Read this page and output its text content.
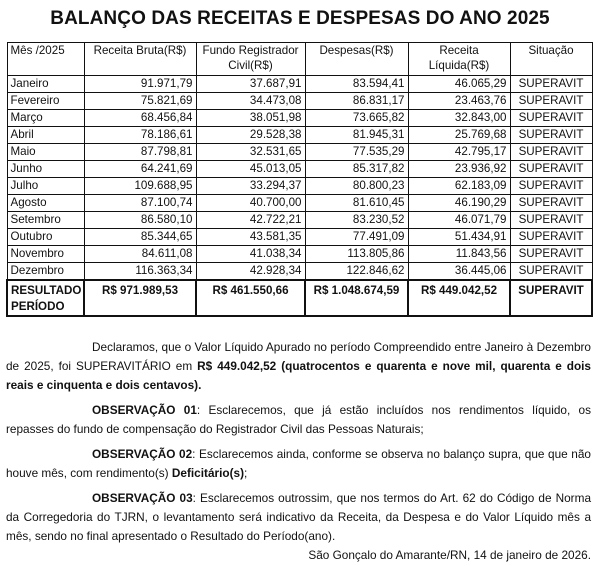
BALANÇO DAS RECEITAS E DESPESAS DO ANO 2025
Mês /2025	Receita Bruta(R$)	Fundo Registrador Civil(R$)	Despesas(R$)	Receita Líquida(R$)	Situação
Janeiro	91.971,79	37.687,91	83.594,41	46.065,29	SUPERAVIT
Fevereiro	75.821,69	34.473,08	86.831,17	23.463,76	SUPERAVIT
Março	68.456,84	38.051,98	73.665,82	32.843,00	SUPERAVIT
Abril	78.186,61	29.528,38	81.945,31	25.769,68	SUPERAVIT
Maio	87.798,81	32.531,65	77.535,29	42.795,17	SUPERAVIT
Junho	64.241,69	45.013,05	85.317,82	23.936,92	SUPERAVIT
Julho	109.688,95	33.294,37	80.800,23	62.183,09	SUPERAVIT
Agosto	87.100,74	40.700,00	81.610,45	46.190,29	SUPERAVIT
Setembro	86.580,10	42.722,21	83.230,52	46.071,79	SUPERAVIT
Outubro	85.344,65	43.581,35	77.491,09	51.434,91	SUPERAVIT
Novembro	84.611,08	41.038,34	113.805,86	11.843,56	SUPERAVIT
Dezembro	116.363,34	42.928,34	122.846,62	36.445,06	SUPERAVIT
RESULTADO PERÍODO	R$ 971.989,53	R$ 461.550,66	R$ 1.048.674,59	R$ 449.042,52	SUPERAVIT
Declaramos, que o Valor Líquido Apurado no período Compreendido entre Janeiro à Dezembro de 2025, foi SUPERAVITÁRIO em R$ 449.042,52 (quatrocentos e quarenta e nove mil, quarenta e dois reais e cinquenta e dois centavos).
OBSERVAÇÃO 01: Esclarecemos, que já estão incluídos nos rendimentos líquido, os repasses do fundo de compensação do Registrador Civil das Pessoas Naturais;
OBSERVAÇÃO 02: Esclarecemos ainda, conforme se observa no balanço supra, que que não houve mês, com rendimento(s) Deficitário(s);
OBSERVAÇÃO 03: Esclarecemos outrossim, que nos termos do Art. 62 do Código de Norma da Corregedoria do TJRN, o levantamento será indicativo da Receita, da Despesa e do Valor Líquido mês a mês, sendo no final apresentado o Resultado do Período(ano).
São Gonçalo do Amarante/RN, 14 de janeiro de 2026.
